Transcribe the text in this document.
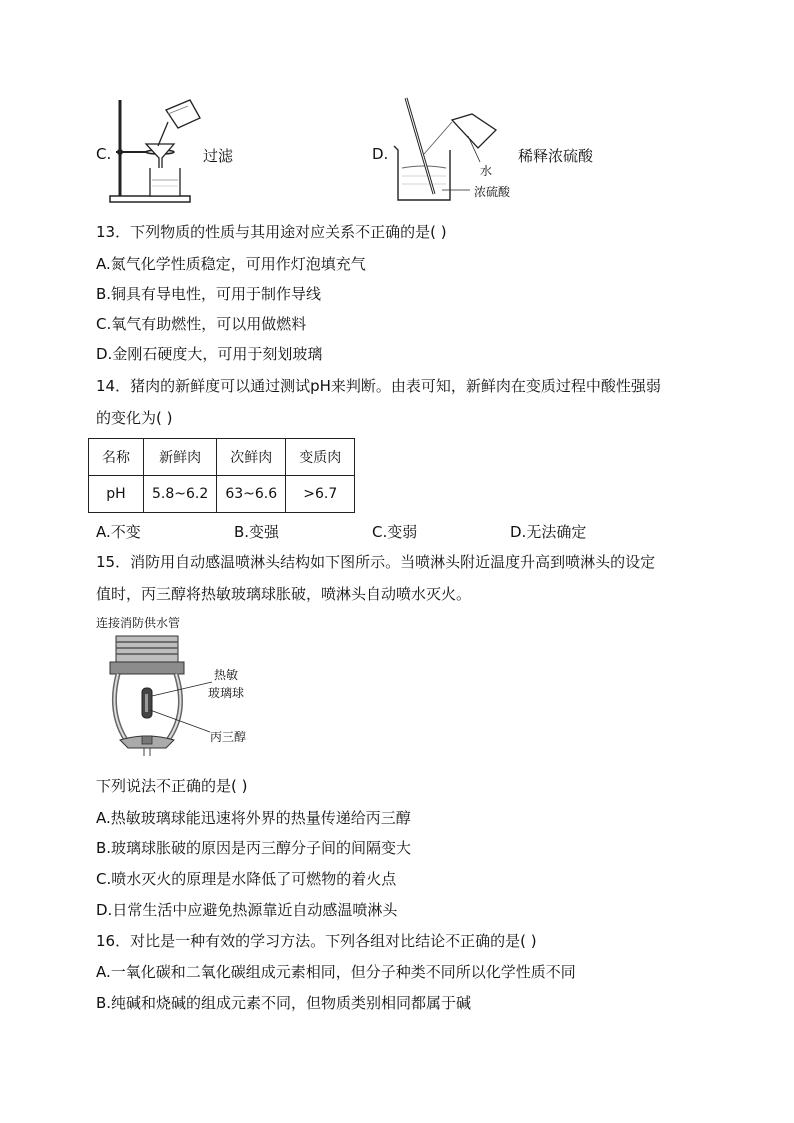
C.	过滤	D.
水
浓硫酸
稀释浓硫酸
13．下列物质的性质与其用途对应关系不正确的是( )
A.氮气化学性质稳定，可用作灯泡填充气
B.铜具有导电性，可用于制作导线
C.氧气有助燃性，可以用做燃料
D.金刚石硬度大，可用于刻划玻璃
14．猪肉的新鲜度可以通过测试pH来判断。由表可知，新鲜肉在变质过程中酸性强弱
的变化为( )
名称	新鲜肉	次鲜肉	变质肉
pH	5.8~6.2	63~6.6	>6.7
A.不变	B.变强	C.变弱	D.无法确定
15．消防用自动感温喷淋头结构如下图所示。当喷淋头附近温度升高到喷淋头的设定
值时，丙三醇将热敏玻璃球胀破，喷淋头自动喷水灭火。
连接消防供水管
热敏
玻璃球
丙三醇
下列说法不正确的是( )
A.热敏玻璃球能迅速将外界的热量传递给丙三醇
B.玻璃球胀破的原因是丙三醇分子间的间隔变大
C.喷水灭火的原理是水降低了可燃物的着火点
D.日常生活中应避免热源靠近自动感温喷淋头
16．对比是一种有效的学习方法。下列各组对比结论不正确的是( )
A.一氧化碳和二氧化碳组成元素相同，但分子种类不同所以化学性质不同
B.纯碱和烧碱的组成元素不同，但物质类别相同都属于碱
